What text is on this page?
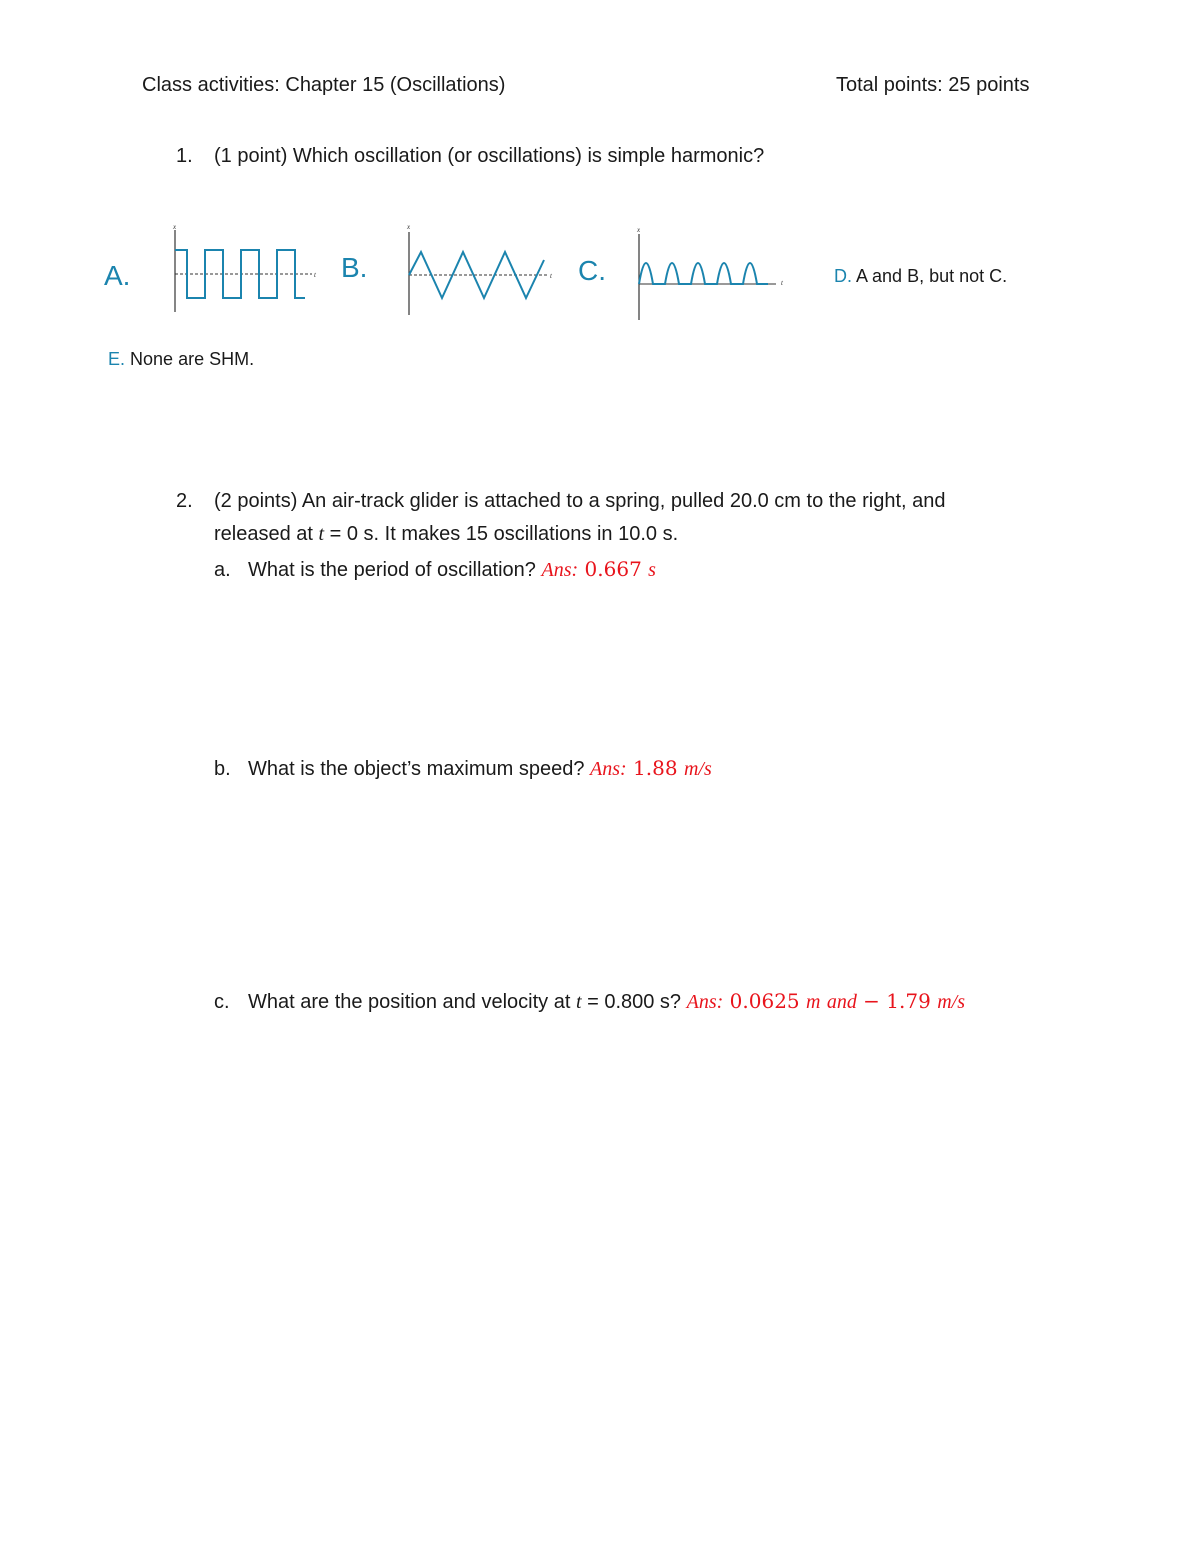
Class activities: Chapter 15 (Oscillations)	Total points: 25 points
1. (1 point) Which oscillation (or oscillations) is simple harmonic?
A.
x
t B.
x
t C.
x
t	D. A and B, but not C.
E. None are SHM.
2. (2 points) An air-track glider is attached to a spring, pulled 20.0 cm to the right, and
released at t = 0 s. It makes 15 oscillations in 10.0 s.
a. What is the period of oscillation? Ans: 0.667 s
b. What is the object’s maximum speed? Ans: 1.88 m/s
c. What are the position and velocity at t = 0.800 s? Ans: 0.0625 m and − 1.79 m/s
